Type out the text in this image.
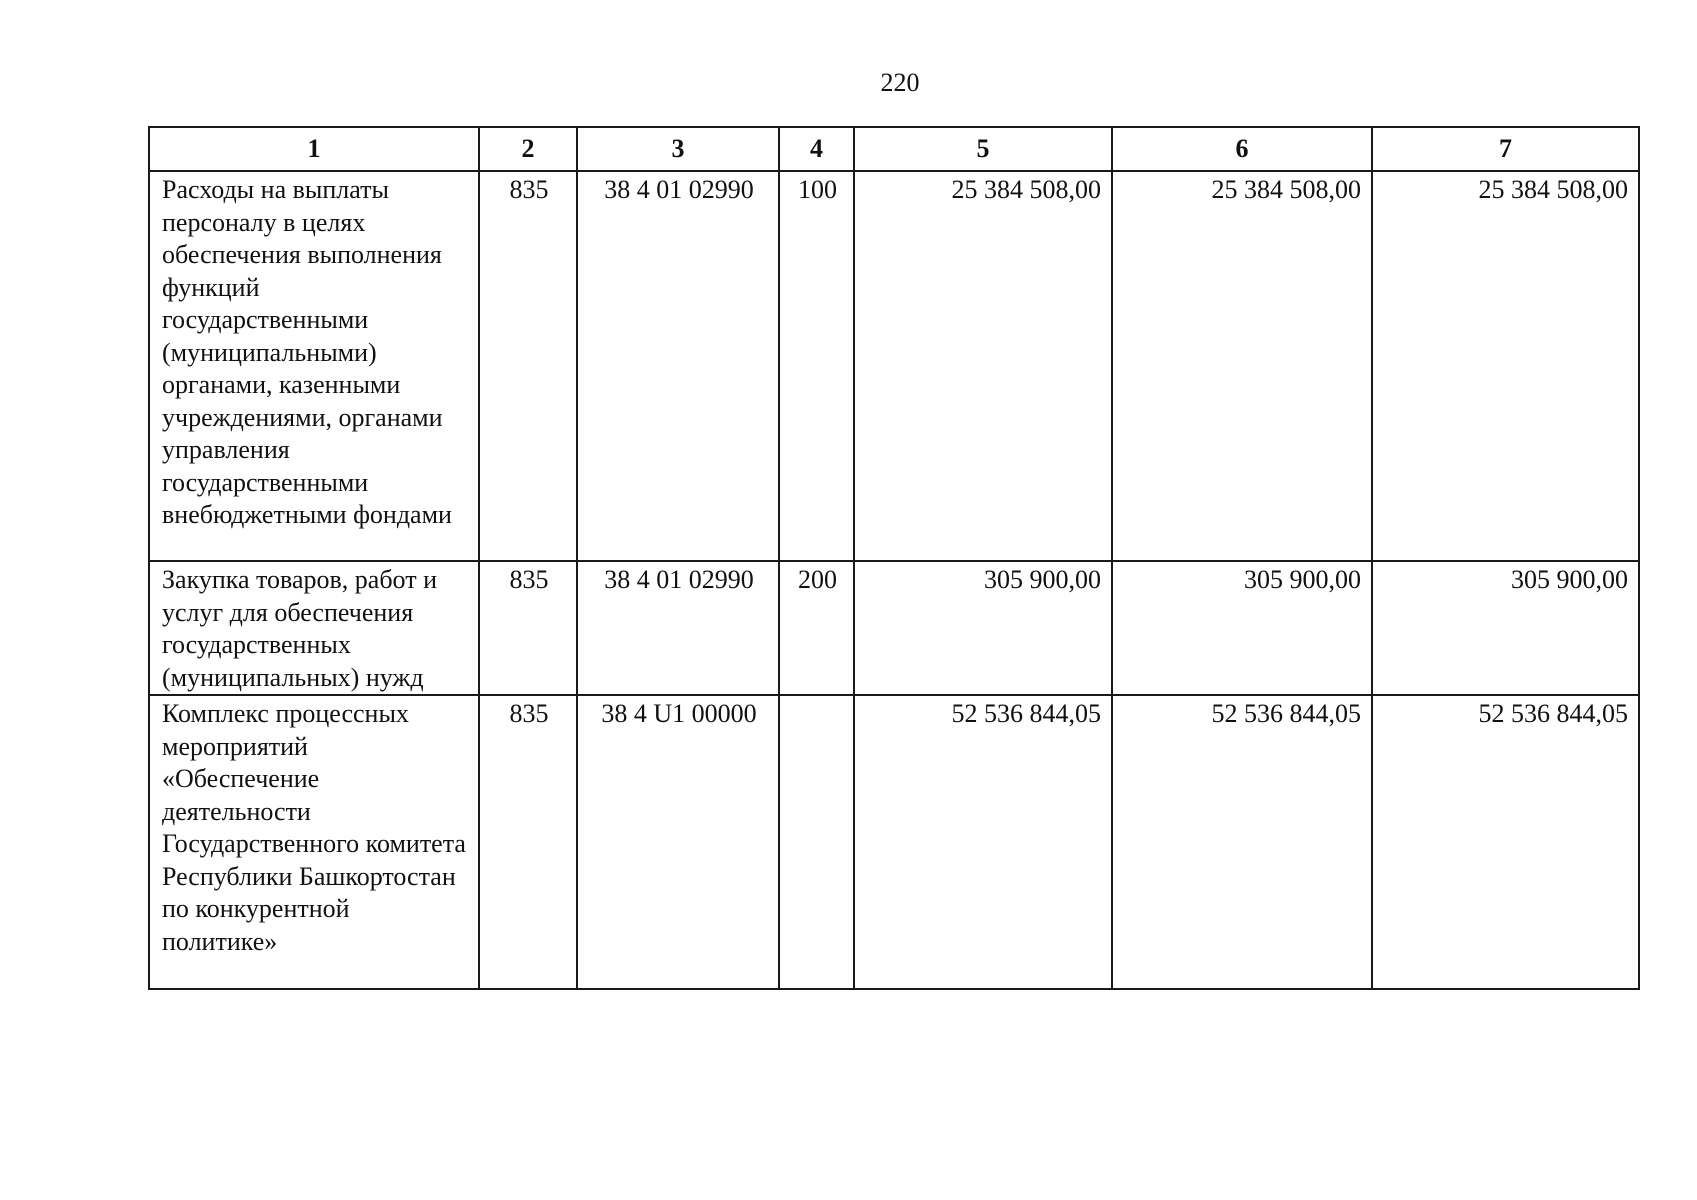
220
1	2	3	4	5	6	7
Расходы на выплаты персоналу в целях обеспечения выполнения функций государственными (муниципальными) органами, казенными учреждениями, органами управления государственными внебюджетными фондами	835	38 4 01 02990	100	25 384 508,00	25 384 508,00	25 384 508,00
Закупка товаров, работ и услуг для обеспечения государственных (муниципальных) нужд	835	38 4 01 02990	200	305 900,00	305 900,00	305 900,00
Комплекс процессных мероприятий «Обеспечение деятельности Государственного комитета Республики Башкортостан по конкурентной политике»	835	38 4 U1 00000		52 536 844,05	52 536 844,05	52 536 844,05
